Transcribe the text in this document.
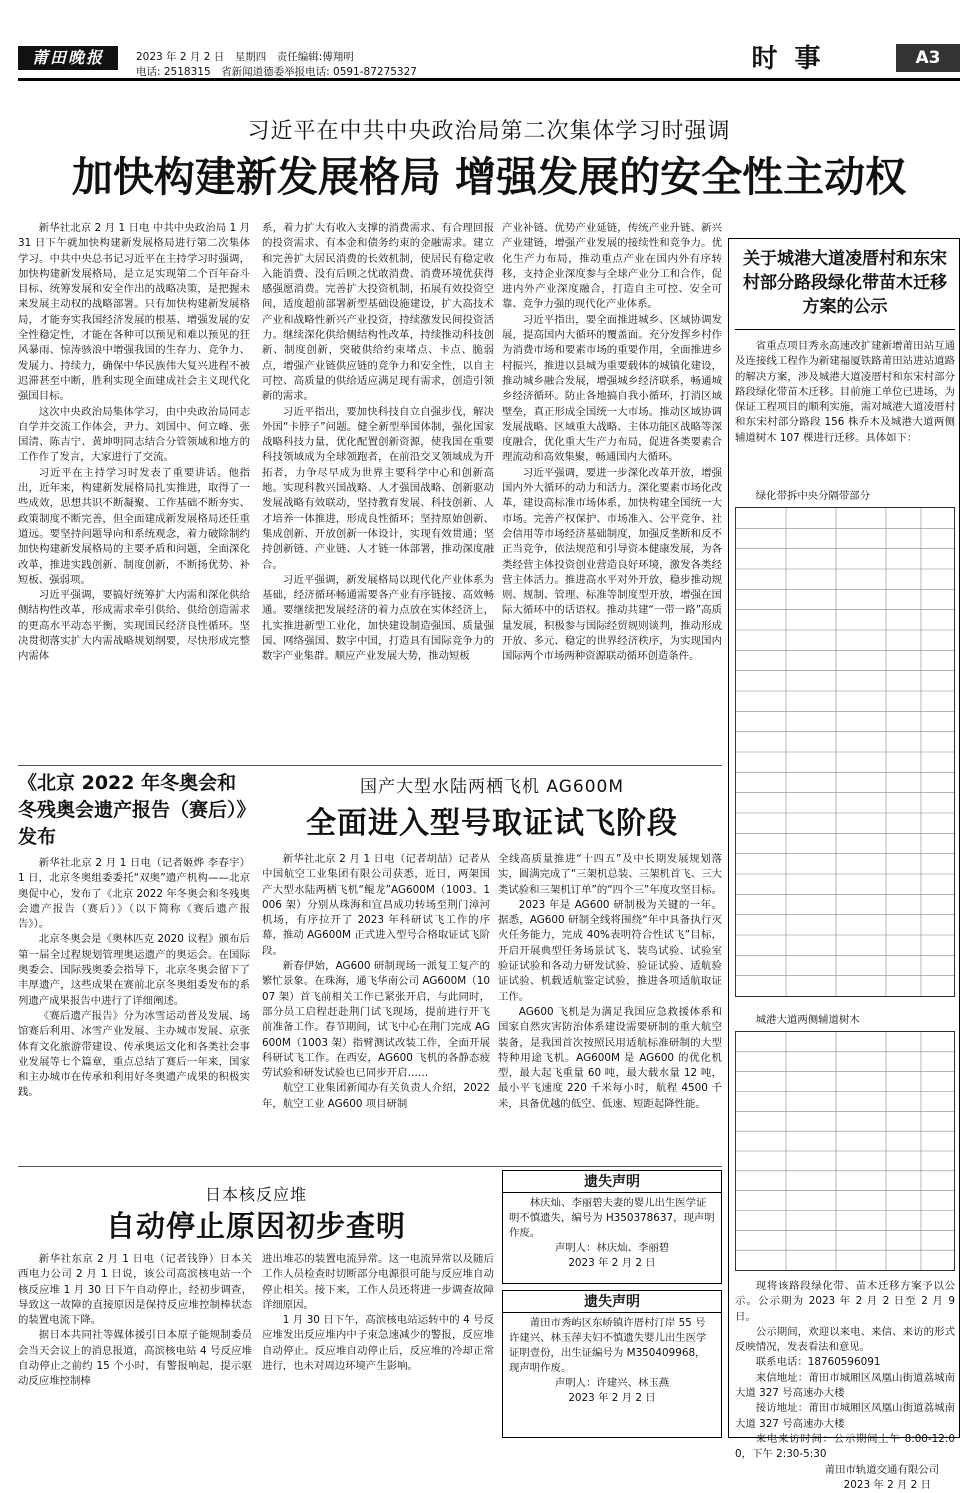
莆田晚报	2023 年 2 月 2 日　星期四　责任编辑:傅翔明
电话: 2518315　省新闻道德委举报电话: 0591-87275327	时 事	A3
习近平在中共中央政治局第二次集体学习时强调
加快构建新发展格局 增强发展的安全性主动权

新华社北京 2 月 1 日电 中共中央政治局 1 月 31 日下午就加快构建新发展格局进行第二次集体学习。中共中央总书记习近平在主持学习时强调，加快构建新发展格局，是立足实现第二个百年奋斗目标、统筹发展和安全作出的战略决策，是把握未来发展主动权的战略部署。只有加快构建新发展格局，才能夯实我国经济发展的根基、增强发展的安全性稳定性，才能在各种可以预见和难以预见的狂风暴雨、惊涛骇浪中增强我国的生存力、竞争力、发展力、持续力，确保中华民族伟大复兴进程不被迟滞甚至中断，胜利实现全面建成社会主义现代化强国目标。

这次中央政治局集体学习，由中央政治局同志自学并交流工作体会，尹力、刘国中、何立峰、张国清、陈吉宁、黄坤明同志结合分管领域和地方的工作作了发言，大家进行了交流。

习近平在主持学习时发表了重要讲话。他指出，近年来，构建新发展格局扎实推进，取得了一些成效，思想共识不断凝聚、工作基础不断夯实、政策制度不断完善，但全面建成新发展格局还任重道远。要坚持问题导向和系统观念，着力破除制约加快构建新发展格局的主要矛盾和问题，全面深化改革，推进实践创新、制度创新，不断扬优势、补短板、强弱项。

习近平强调，要搞好统筹扩大内需和深化供给侧结构性改革，形成需求牵引供给、供给创造需求的更高水平动态平衡，实现国民经济良性循环。坚决贯彻落实扩大内需战略规划纲要，尽快形成完整内需体

系，着力扩大有收入支撑的消费需求、有合理回报的投资需求、有本金和债务约束的金融需求。建立和完善扩大居民消费的长效机制，使居民有稳定收入能消费、没有后顾之忧敢消费、消费环境优获得感强愿消费。完善扩大投资机制，拓展有效投资空间，适度超前部署新型基础设施建设，扩大高技术产业和战略性新兴产业投资，持续激发民间投资活力。继续深化供给侧结构性改革，持续推动科技创新、制度创新，突破供给约束堵点、卡点、脆弱点，增强产业链供应链的竞争力和安全性，以自主可控、高质量的供给适应满足现有需求，创造引领新的需求。

习近平指出，要加快科技自立自强步伐，解决外国“卡脖子”问题。健全新型举国体制，强化国家战略科技力量，优化配置创新资源，使我国在重要科技领域成为全球领跑者，在前沿交叉领域成为开拓者，力争尽早成为世界主要科学中心和创新高地。实现科教兴国战略、人才强国战略、创新驱动发展战略有效联动，坚持教育发展、科技创新、人才培养一体推进，形成良性循环；坚持原始创新、集成创新、开放创新一体设计，实现有效贯通；坚持创新链、产业链、人才链一体部署，推动深度融合。

习近平强调，新发展格局以现代化产业体系为基础，经济循环畅通需要各产业有序链接、高效畅通。要继续把发展经济的着力点放在实体经济上，扎实推进新型工业化，加快建设制造强国、质量强国、网络强国、数字中国，打造具有国际竞争力的数字产业集群。顺应产业发展大势，推动短板

产业补链、优势产业延链，传统产业升链、新兴产业建链，增强产业发展的接续性和竞争力。优化生产力布局，推动重点产业在国内外有序转移，支持企业深度参与全球产业分工和合作，促进内外产业深度融合，打造自主可控、安全可靠、竞争力强的现代化产业体系。

习近平指出，要全面推进城乡、区域协调发展，提高国内大循环的覆盖面。充分发挥乡村作为消费市场和要素市场的重要作用，全面推进乡村振兴，推进以县城为重要载体的城镇化建设，推动城乡融合发展，增强城乡经济联系，畅通城乡经济循环。防止各地搞自我小循环，打消区域壁垒，真正形成全国统一大市场。推动区域协调发展战略、区域重大战略、主体功能区战略等深度融合，优化重大生产力布局，促进各类要素合理流动和高效集聚，畅通国内大循环。

习近平强调，要进一步深化改革开放，增强国内外大循环的动力和活力。深化要素市场化改革，建设高标准市场体系，加快构建全国统一大市场。完善产权保护、市场准入、公平竞争、社会信用等市场经济基础制度，加强反垄断和反不正当竞争，依法规范和引导资本健康发展，为各类经营主体投资创业营造良好环境，激发各类经营主体活力。推进高水平对外开放，稳步推动规则、规制、管理、标准等制度型开放，增强在国际大循环中的话语权。推动共建“一带一路”高质量发展，积极参与国际经贸规则谈判，推动形成开放、多元、稳定的世界经济秩序，为实现国内国际两个市场两种资源联动循环创造条件。

关于城港大道凌厝村和东宋村部分路段绿化带苗木迁移方案的公示

省重点项目秀永高速改扩建新增莆田站互通及连接线工程作为新建福厦铁路莆田站进站道路的解决方案，涉及城港大道凌厝村和东宋村部分路段绿化带苗木迁移。目前施工单位已进场，为保证工程项目的顺利实施，需对城港大道凌厝村和东宋村部分路段 156 株乔木及城港大道两侧辅道树木 107 棵进行迁移。具体如下：

绿化带拆中央分隔带部分
城港大道两侧辅道树木

现将该路段绿化带、苗木迁移方案予以公示。公示期为 2023 年 2 月 2 日至 2 月 9 日。

公示期间，欢迎以来电、来信、来访的形式反映情况，发表看法和意见。

联系电话：18760596091

来信地址：莆田市城厢区凤凰山街道荔城南大道 327 号高速办大楼

接访地址：莆田市城厢区凤凰山街道荔城南大道 327 号高速办大楼

来电来访时间：公示期间上午 8:00-12:00，下午 2:30-5:30

莆田市轨道交通有限公司

2023 年 2 月 2 日

《北京 2022 年冬奥会和冬残奥会遗产报告（赛后）》发布

新华社北京 2 月 1 日电（记者姬烨 李春宇）1 日，北京冬奥组委委托“双奥”遗产机构——北京奥促中心，发布了《北京 2022 年冬奥会和冬残奥会遗产报告（赛后）》（以下简称《赛后遗产报告》）。

北京冬奥会是《奥林匹克 2020 议程》颁布后第一届全过程规划管理奥运遗产的奥运会。在国际奥委会、国际残奥委会指导下，北京冬奥会留下了丰厚遗产，这些成果在赛前北京冬奥组委发布的系列遗产成果报告中进行了详细阐述。

《赛后遗产报告》分为冰雪运动普及发展、场馆赛后利用、冰雪产业发展、主办城市发展、京张体育文化旅游带建设、传承奥运文化和各类社会事业发展等七个篇章，重点总结了赛后一年来，国家和主办城市在传承和利用好冬奥遗产成果的积极实践。

国产大型水陆两栖飞机 AG600M
全面进入型号取证试飞阶段

新华社北京 2 月 1 日电（记者胡喆）记者从中国航空工业集团有限公司获悉，近日，两架国产大型水陆两栖飞机“鲲龙”AG600M（1003、1006 架）分别从珠海和宜昌成功转场至荆门漳河机场，有序拉开了 2023 年科研试飞工作的序幕，推动 AG600M 正式进入型号合格取证试飞阶段。

新春伊始，AG600 研制现场一派复工复产的繁忙景象。在珠海，通飞华南公司 AG600M（1007 架）首飞前相关工作已紧张开启，与此同时，部分员工启程赶赴荆门试飞现场，提前进行开飞前准备工作。春节期间，试飞中心在荆门完成 AG600M（1003 架）指臂测试改装工作，全面开展科研试飞工作。在西安，AG600 飞机的各静态疲劳试验和研发试验也已同步开启……

航空工业集团新闻办有关负责人介绍，2022 年，航空工业 AG600 项目研制

全线高质量推进“十四五”及中长期发展规划落实，圆满完成了“三架机总装、三架机首飞、三大类试验和三架机订单”的“四个三”年度攻坚目标。

2023 年是 AG600 研制极为关键的一年。据悉，AG600 研制全线将围绕“年中具备执行灭火任务能力，完成 40%表明符合性试飞”目标，开启开展典型任务场景试飞、装鸟试验、试验室验证试验和各动力研发试验、验证试验、适航验证试验、机载适航鉴定试验，推进各项适航取证工作。

AG600 飞机是为满足我国应急救援体系和国家自然灾害防治体系建设需要研制的重大航空装备，是我国首次按照民用适航标准研制的大型特种用途飞机。AG600M 是 AG600 的优化机型，最大起飞重量 60 吨，最大载水量 12 吨，最小平飞速度 220 千米每小时，航程 4500 千米，具备优越的低空、低速、短距起降性能。

日本核反应堆
自动停止原因初步查明

新华社东京 2 月 1 日电（记者钱铮）日本关西电力公司 2 月 1 日说，该公司高滨核电站一个核反应堆 1 月 30 日下午自动停止，经初步调查，导致这一故障的直接原因是保持反应堆控制棒状态的装置电流下降。

据日本共同社等媒体援引日本原子能规制委员会当天会议上的消息报道，高滨核电站 4 号反应堆自动停止之前约 15 个小时，有警报响起，提示驱动反应堆控制棒

进出堆芯的装置电流异常。这一电流异常以及随后工作人员检查时切断部分电源很可能与反应堆自动停止相关。接下来，工作人员还将进一步调查故障详细原因。

1 月 30 日下午，高滨核电站运转中的 4 号反应堆发出反应堆内中子束急速减少的警报，反应堆自动停止。反应堆自动停止后，反应堆的冷却正常进行，也未对周边环境产生影响。

遗失声明

林庆灿、李丽碧夫妻的婴儿出生医学证明不慎遗失，编号为 H350378637，现声明作废。

声明人：林庆灿、李丽碧
2023 年 2 月 2 日
遗失声明

莆田市秀屿区东峤镇许厝村汀岸 55 号许建兴、林玉萍夫妇不慎遗失婴儿出生医学证明壹份，出生证编号为 M350409968，现声明作废。

声明人：许建兴、林玉燕
2023 年 2 月 2 日
